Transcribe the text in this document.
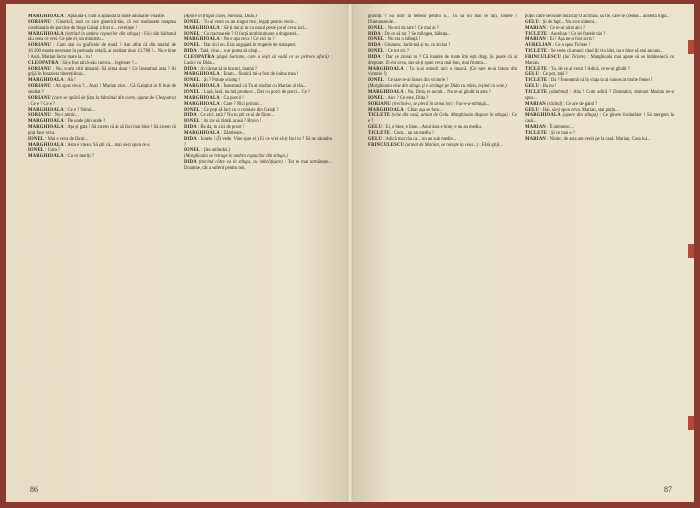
MARGHIOALA : Aplaudă-l, cum îl aplaudă la toate adunările voastre.

SORIANU : Ginerică, auzi ce zice ginerică-tău, că voi studiasem noaptea combinația de porcine de linga Galați a fost o... revelație !

MARGHIOALA (intrînd în umbra copacilor din stînga) : Fă-i din bărbatul tău ceea ce vrei. Ce știe el, un ministru...

SORIANU : Cum stai cu graficele de mută ? Am aflat că din totalul de 16.100 monte necesare în perioada celulă, ai realizat doar 13.788 !... Nu e bine ! Auzi, Marian lucru mare la... tu !

CLEOPATRA : Să-a fost talcă-sâu cumva... logioner ?...

SORIANU : Nu, n-am citit dosarul. Să nitoa doar ! Ce înseamnă asta ? Ai grijă în foraziera tinerețiiloar...

MARGHIOALA : Ah !

SORIANU : Ah spus ceva ?... Auzi ! Marian zice... Că Galațiul ar fi bun de studiat ?

SORIANU (care se apără de fața la bătrânul din curte, ajutat de Cleopatra) : Ce e ? Ce e ?

MARGHIOALA : Ce e ? Nimic...

SORIANU : Nu-i nimic...

MARGHIOALA : De unde plin unde ?

MARGHIOALA : Ața și gata ! Să zicem că ai să faci mai bine ! Să zicem că poți face ceva.

IONEL : Mai e ceva de făcut...

MARGHIOALA : Asta e vreau. Să știi că... mai să-ți spun ce e.

IONEL : Cum ?

MARGHIOALA : Cu ce meriți ?

(Apare în fragul casei, mireasă, Dida.)

IONEL : Tu ai venit cu un singur truc, legați pentru vecie...

MARGHIOALA : Să-ți dai și tu cu nasul peste jocul ceva aici...

IONEL : Cu tractoarele ? O forță atotbiruitoare a dragostei...

MARGHIOALA : Nu e aşa ceva ! Ce zici tu ?

IONEL : Dar nici eu. Erai angajată în truptele de transport.

DIDA : Tată, vino... s-ar putea să cânți...

CLEOPATRA (după Soriano, care a ieșit să vadă ce se petrece afară) : Lasă-i cu Dida...

DIDA : Ai cântat să te bucuri, mamă ?

MARGHIOALA : Eram... fiindcă mi-a fost de inima mea !

IONEL : Și ? Puiuțe scump !

MARGHIOALA : Înseamnă că Tu ai studiat cu Marian al tău...

IONEL : Lasă, lasă, nu mă produce... Dar cu porci de porci... Ce ?

MARGHIOALA : Cu porcii !

MARGHIOALA : Care ? Nici primul...

IONEL : Ce poți să faci cu o comisie din Galați ?

DIDA : Ce zici, tată ? Nu tu știi ce ai de făcut...

IONEL : Ai zis să rămâi acasă ? Bravo !

DIDA : Ba da, tu zici de prost !

MARGHIOALA : Zâmbește...

DIDA : Ionele ! (Îi vede. Vine spre ei.) Ei ce vrei să-ți faci tu ? Să ne sărutăm ?

IONEL : (Ies amîndoi.)

(Marghioala se retrage în umbra copacilor din stînga.)

DIDA (trecind către ea în stînga, cu imbrățișare) : Tot te mai urmărește... Doamne, cât a suferit pentru noi.

86

ghioliți ? Să intri la hebeni pentru o... Tu să nu mai te uiți, Ionele ! Diumnezeule...

IONEL : Nu-mi da tare ! Ce mai ai ?

DIDA : De ce să tac ? Se mîlogea, băbuța...

IONEL : Nu era o băbuță !

DIDA : Glumesc. Iartă-mă și tu, ce ziceai ?

IONEL : Ce tot zic ?

DIDA : Dar ce ziceai tu ? Că înainte de toate îmi ești drag. Și poate că ai dreptate. Zi-mi ceva, dar să-ți spun ceva mai bun, mai frumos...

MARGHIOALA : Tu n-ai omorît nici o muscă. (Ce tare te-ai întors din victorie !)

IONEL : Ce tare te-ai întors din victorie !

(Marghioala vine din stînga și o strânge pe Dida cu mîna, ieșind cu voie.)

MARGHIOALA : Nu, Dida, te ascult... Nu te-ai gîndit la asta ?

IONEL : Aici ? Ce este, Dida ?

SORIANU (trecînd-o, se plecă în urma lor) : Fac-e-a-strîmpă...

MARGHIOALA : Chiar așa se face...

TICLETE (vine din casă, urmat de Gelu. Marghioala dispare în stînga) : Ce e ?

GELU : Ei, e bine, e bine... Anul ăsta e bine, e un an mediu.

TICLETE : Cum... un an mediu ?

GELU : Adică mai rău ca... un an sub medie...

FRINCULESCU (urmat de Marian, se rotește la ceas...) : Fără griji...

puțin către secunde muzică) O acritură, să fie, care se credea... această fugă...

GELU : Și de fapt... Nu zice nimeni...

MARIAN : Ce te-ai uitat aici ?

TICLETE : Aurelian ! Ce iei fratele tău ?

MARIAN : Ei ! Așa ne-a fost scris !

AURELIAN : Ce a spus Ticlete ?

TICLETE : Se vede că atunci când îți vin idei, nu e bine să stai ascuns...

FRINCULESCU (lui Ticlete) : Marghioala mai apare să se întâlnească cu Marian.

TICLETE : Tu, de ce ai venit ? Adică, ce te-ai gîndit ?

GELU : Ce pot, tată ?

TICLETE : Da ? Înseamnă că în viața ta ai cunoscut multe femei !

GELU : Ba nu !

TICLETE (zâmbind) : Aha ! Cum adică ? Domnilor, domnul Marian ne-a spus...

MARIAN (râzînd) : Ce are de gând ?

GELU : Hai, să-ți spun ceva. Marian, stai puțin...

MARGHIOALA (apare din stînga) : Ce ginere încântător ! Să mergem la casă...

MARIAN : Îl amintesc...

TICLETE : Și ce mai e ?

MARIAN : Nimic, de asta am venit pe la casă. Marian, Casa lui...

87
